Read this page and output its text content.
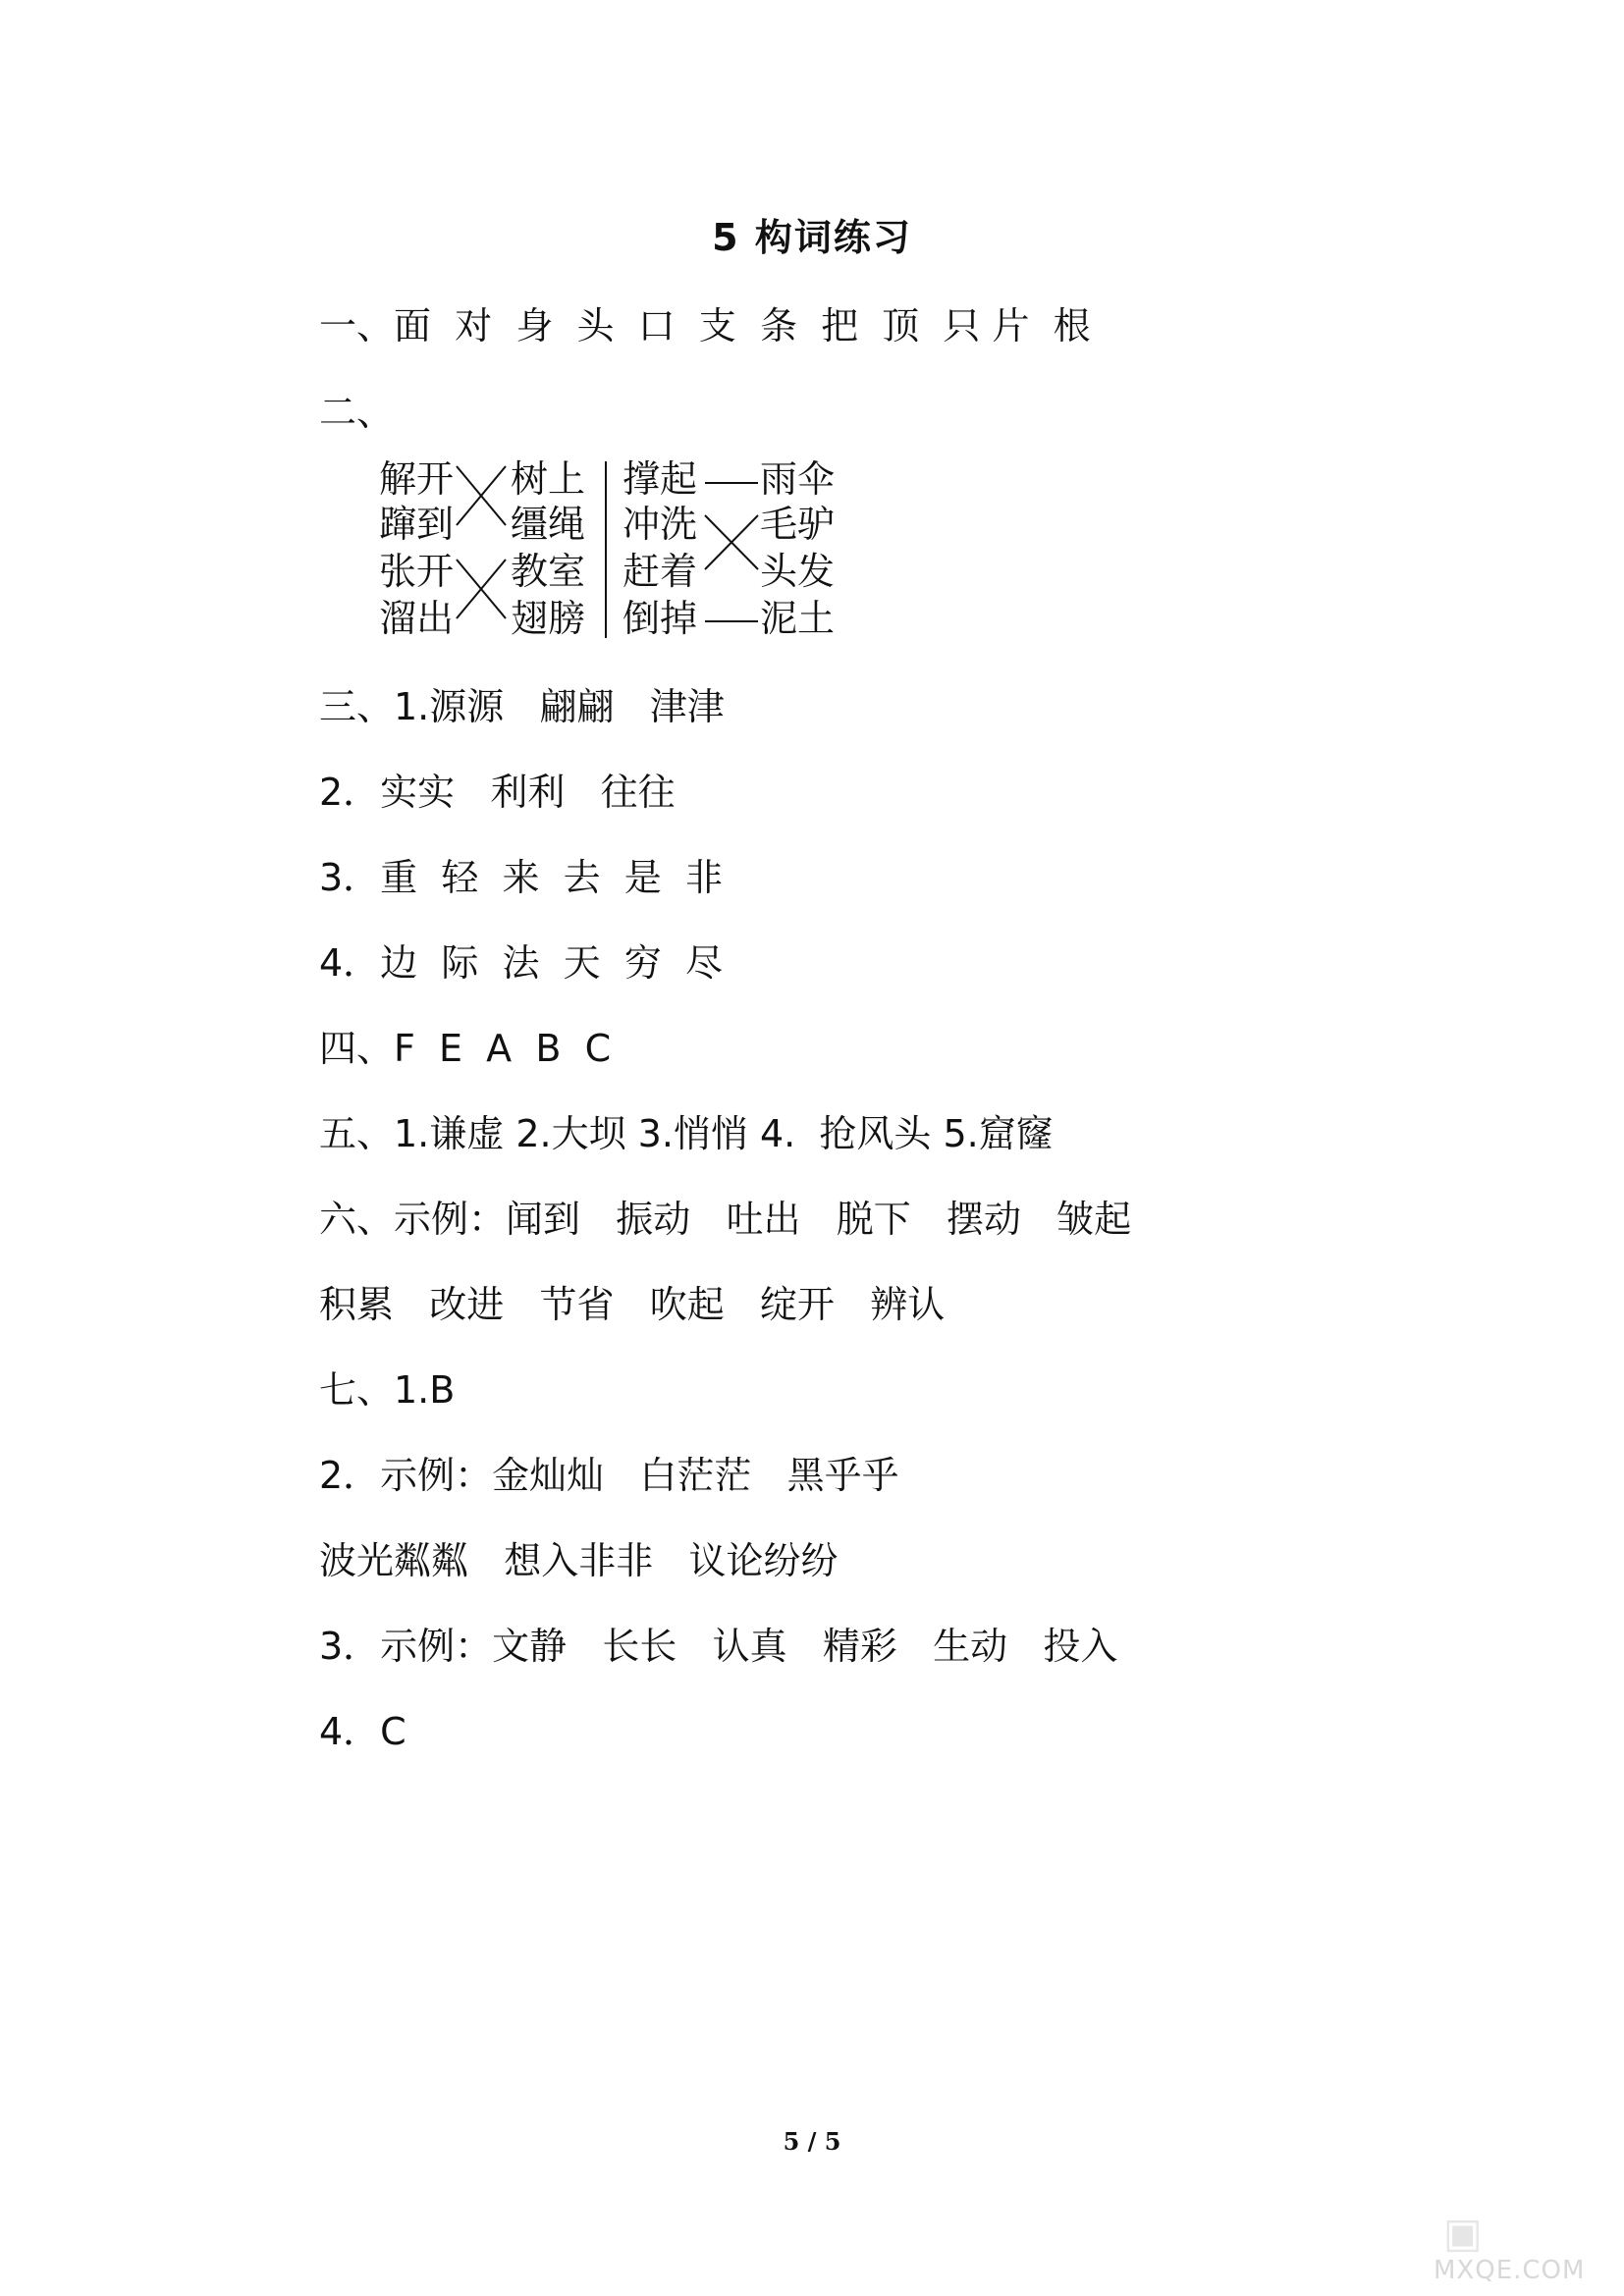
5 构词练习
一、面  对  身  头  口  支  条  把  顶  只 片  根
二、
解开
蹿到
张开
溜出
树上
缰绳
教室
翅膀
撑起
冲洗
赶着
倒掉
雨伞
毛驴
头发
泥土
三、1.源源   翩翩   津津
2．实实   利利   往往
3．重  轻  来  去  是  非
4．边  际  法  天  穷  尽
四、F  E  A  B  C
五、1.谦虚 2.大坝 3.悄悄 4.  抢风头 5.窟窿
六、示例：闻到   振动   吐出   脱下   摆动   皱起
积累   改进   节省   吹起   绽开   辨认
七、1.B
2．示例：金灿灿   白茫茫   黑乎乎
波光粼粼   想入非非   议论纷纷
3．示例：文静   长长   认真   精彩   生动   投入
4．C
5 / 5
▣
MXQE.COM
